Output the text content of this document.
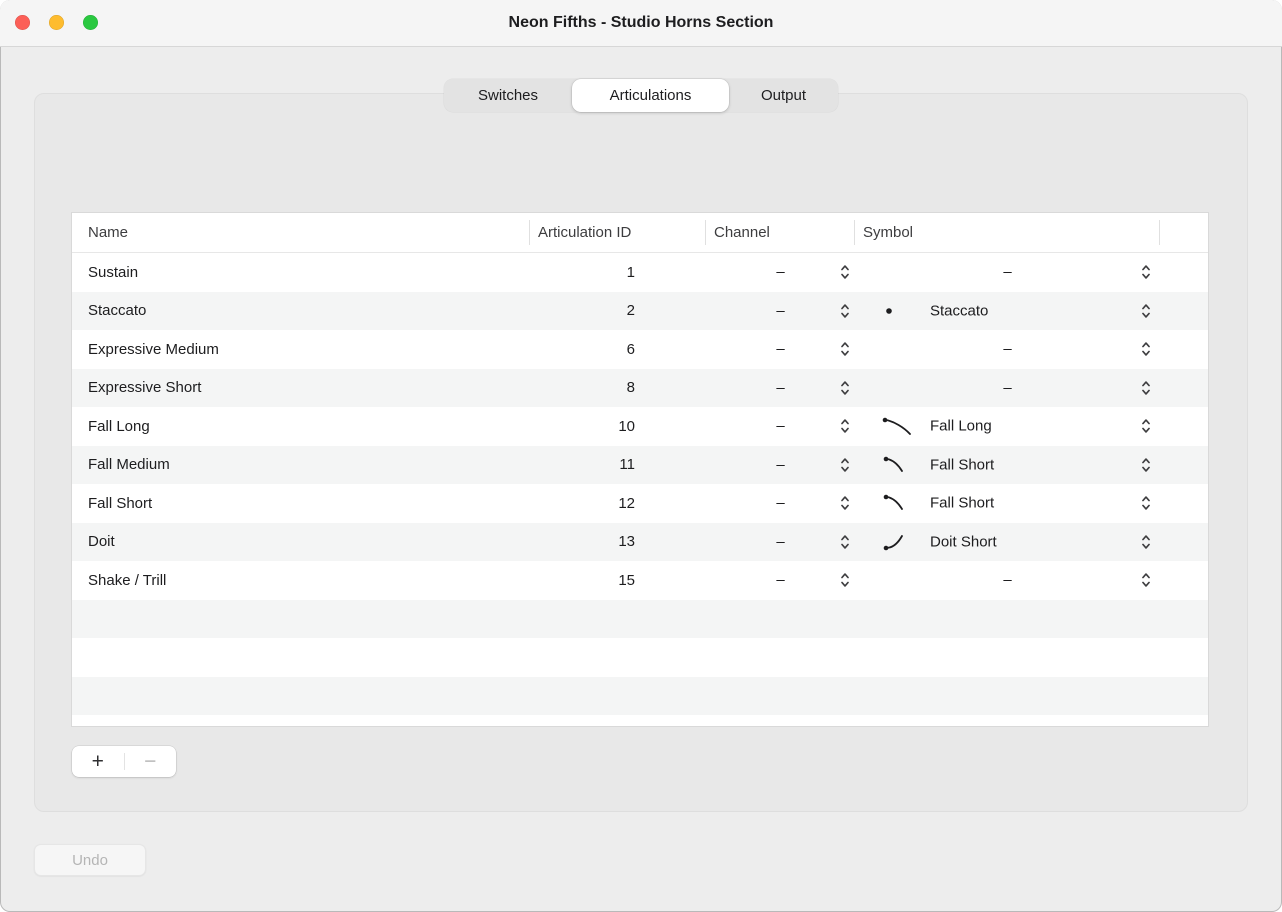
Neon Fifths - Studio Horns Section
Switches	Articulations	Output
Name	Articulation ID	Channel	Symbol
Sustain	1	–	–
Staccato	2	–	Staccato
Expressive Medium	6	–	–
Expressive Short	8	–	–
Fall Long	10	–	Fall Long
Fall Medium	11	–	Fall Short
Fall Short	12	–	Fall Short
Doit	13	–	Doit Short
Shake / Trill	15	–	–
+	−
Undo
